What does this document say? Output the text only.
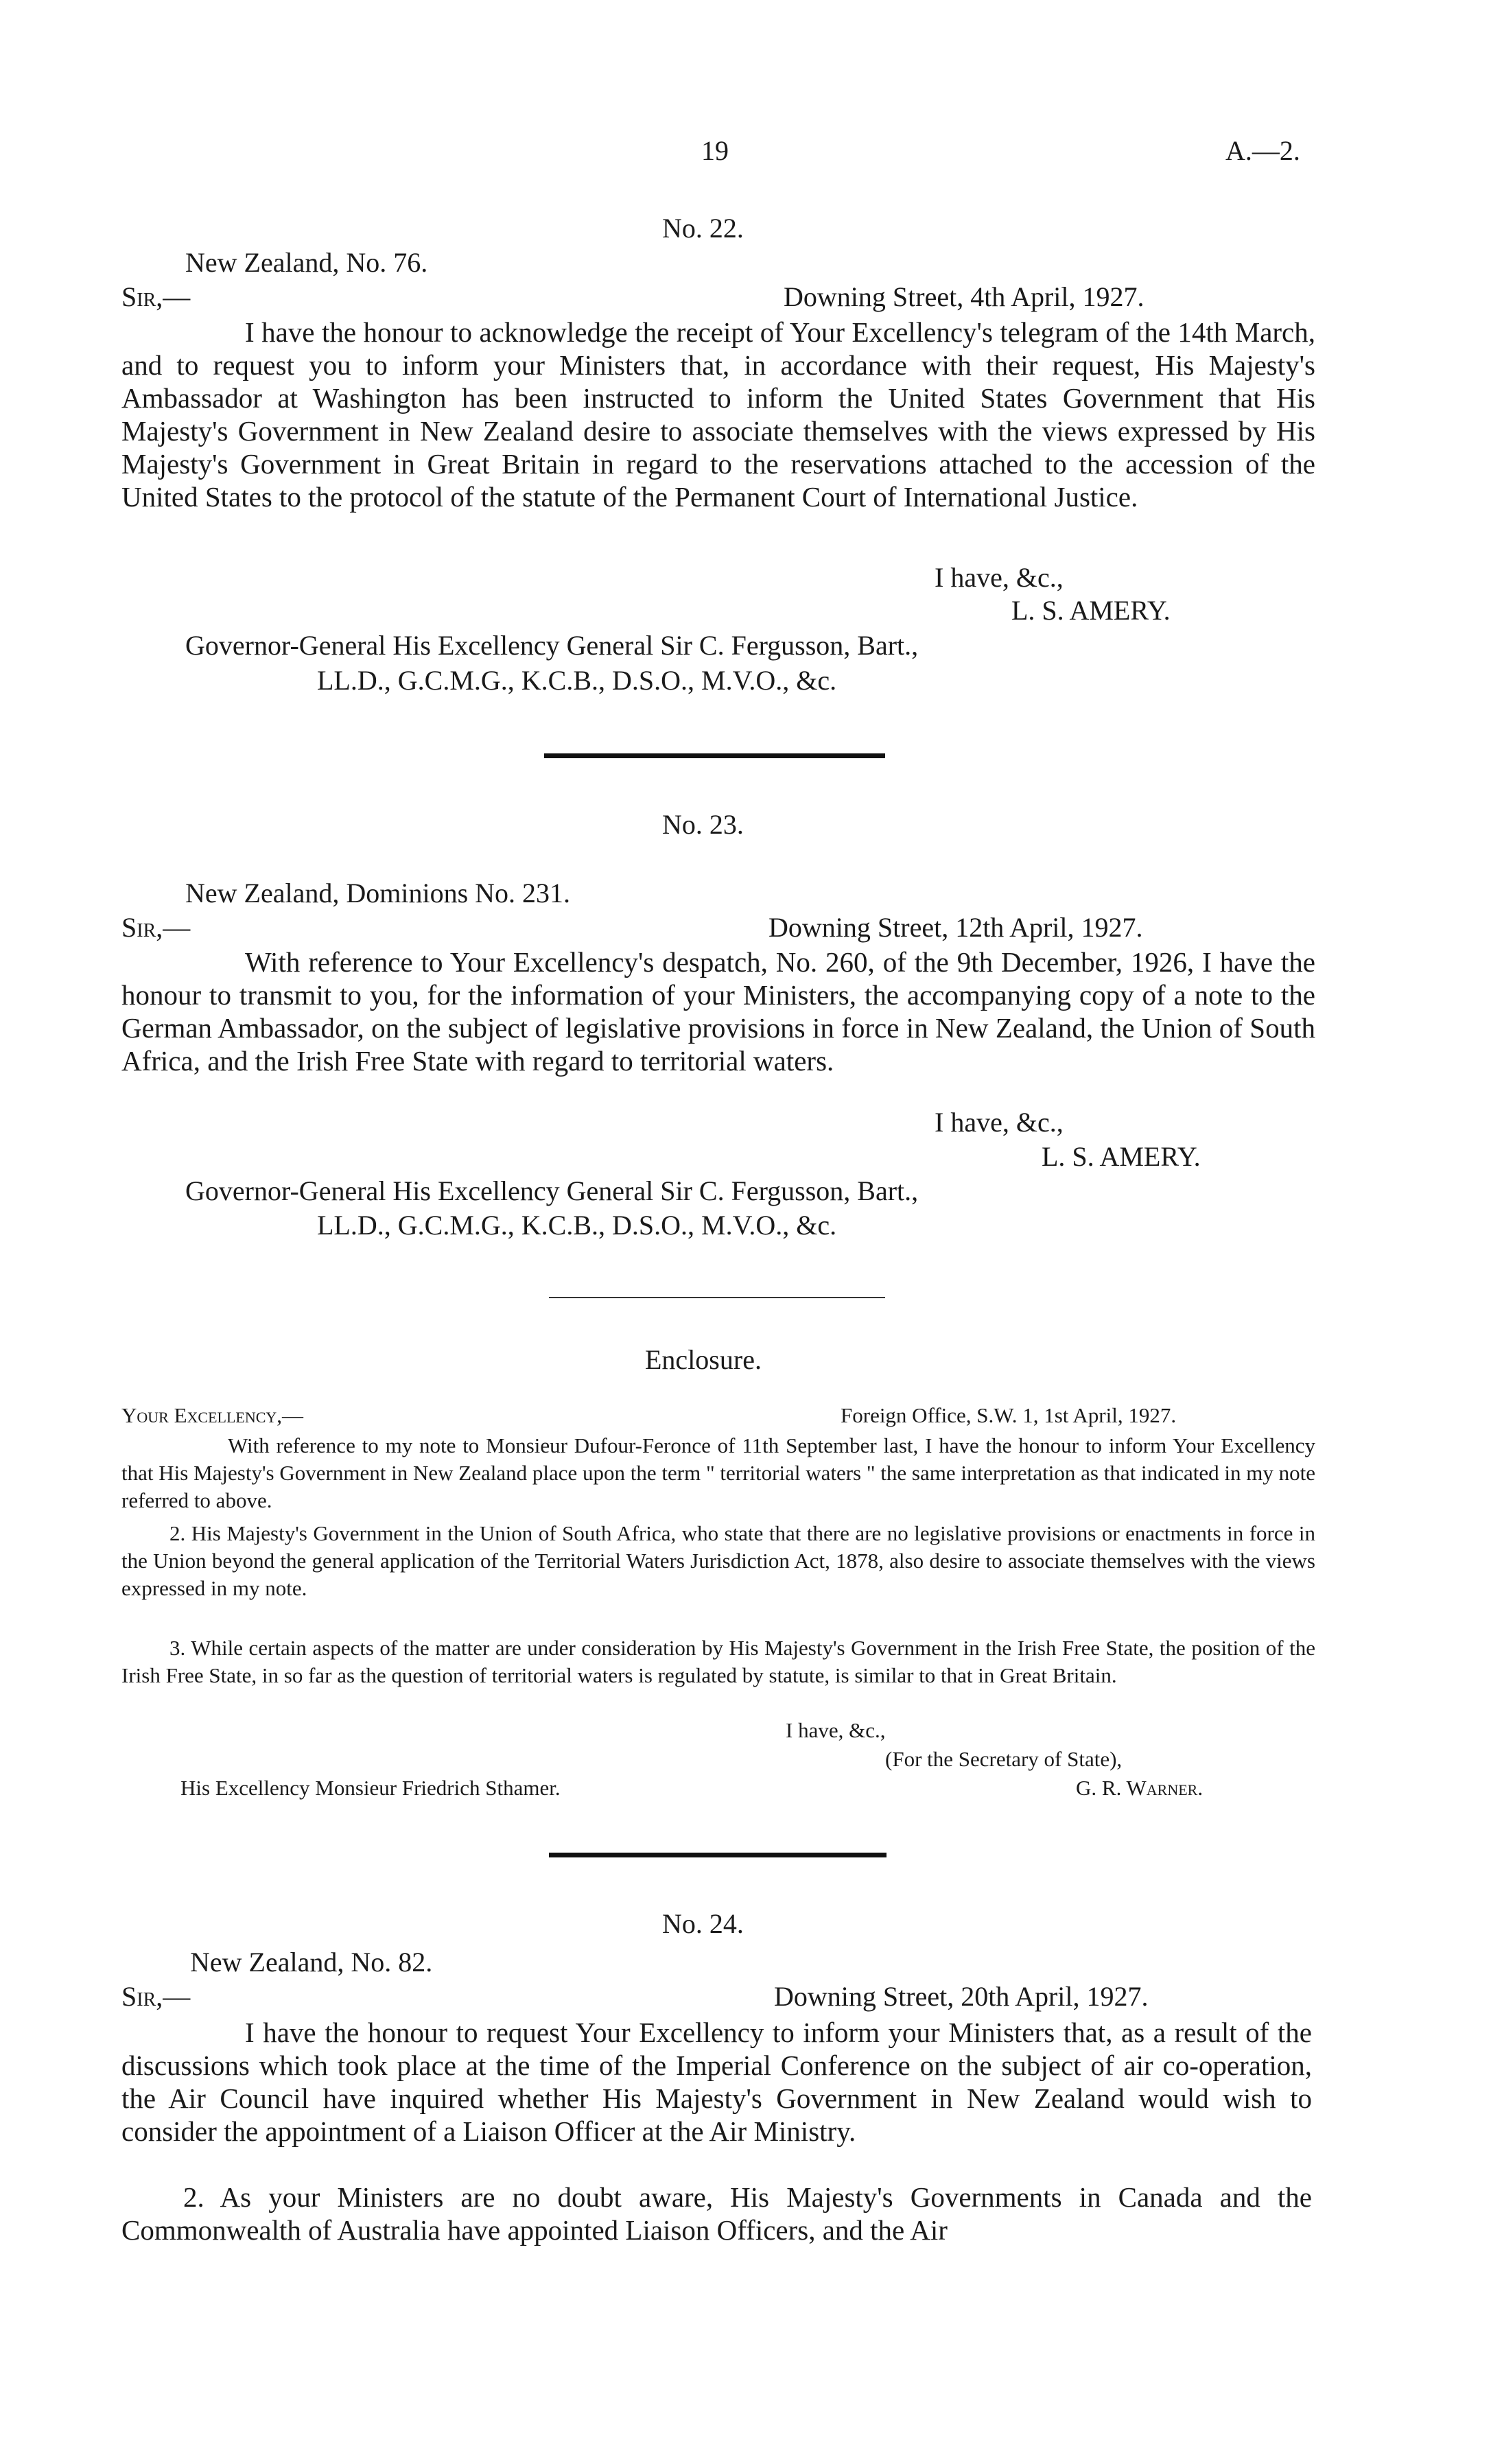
19	A.—2.
No. 22.
New Zealand, No. 76.
Sir,—	Downing Street, 4th April, 1927.
I have the honour to acknowledge the receipt of Your Excellency's telegram of the 14th March, and to request you to inform your Ministers that, in accordance with their request, His Majesty's Ambassador at Washington has been instructed to inform the United States Government that His Majesty's Government in New Zealand desire to associate themselves with the views expressed by His Majesty's Government in Great Britain in regard to the reservations attached to the accession of the United States to the protocol of the statute of the Permanent Court of International Justice.
I have, &c.,
L. S. AMERY.
Governor-General His Excellency General Sir C. Fergusson, Bart.,
LL.D., G.C.M.G., K.C.B., D.S.O., M.V.O., &c.
No. 23.
New Zealand, Dominions No. 231.
Sir,—	Downing Street, 12th April, 1927.
With reference to Your Excellency's despatch, No. 260, of the 9th December, 1926, I have the honour to transmit to you, for the information of your Ministers, the accompanying copy of a note to the German Ambassador, on the subject of legislative provisions in force in New Zealand, the Union of South Africa, and the Irish Free State with regard to territorial waters.
I have, &c.,
L. S. AMERY.
Governor-General His Excellency General Sir C. Fergusson, Bart.,
LL.D., G.C.M.G., K.C.B., D.S.O., M.V.O., &c.
Enclosure.
Your Excellency,—	Foreign Office, S.W. 1, 1st April, 1927.
With reference to my note to Monsieur Dufour-Feronce of 11th September last, I have the honour to inform Your Excellency that His Majesty's Government in New Zealand place upon the term " territorial waters " the same interpretation as that indicated in my note referred to above.
2. His Majesty's Government in the Union of South Africa, who state that there are no legislative provisions or enactments in force in the Union beyond the general application of the Territorial Waters Jurisdiction Act, 1878, also desire to associate themselves with the views expressed in my note.
3. While certain aspects of the matter are under consideration by His Majesty's Government in the Irish Free State, the position of the Irish Free State, in so far as the question of territorial waters is regulated by statute, is similar to that in Great Britain.
I have, &c.,
(For the Secretary of State),
His Excellency Monsieur Friedrich Sthamer.	G. R. Warner.
No. 24.
New Zealand, No. 82.
Sir,—	Downing Street, 20th April, 1927.
I have the honour to request Your Excellency to inform your Ministers that, as a result of the discussions which took place at the time of the Imperial Conference on the subject of air co-operation, the Air Council have inquired whether His Majesty's Government in New Zealand would wish to consider the appointment of a Liaison Officer at the Air Ministry.
2. As your Ministers are no doubt aware, His Majesty's Governments in Canada and the Commonwealth of Australia have appointed Liaison Officers, and the Air
